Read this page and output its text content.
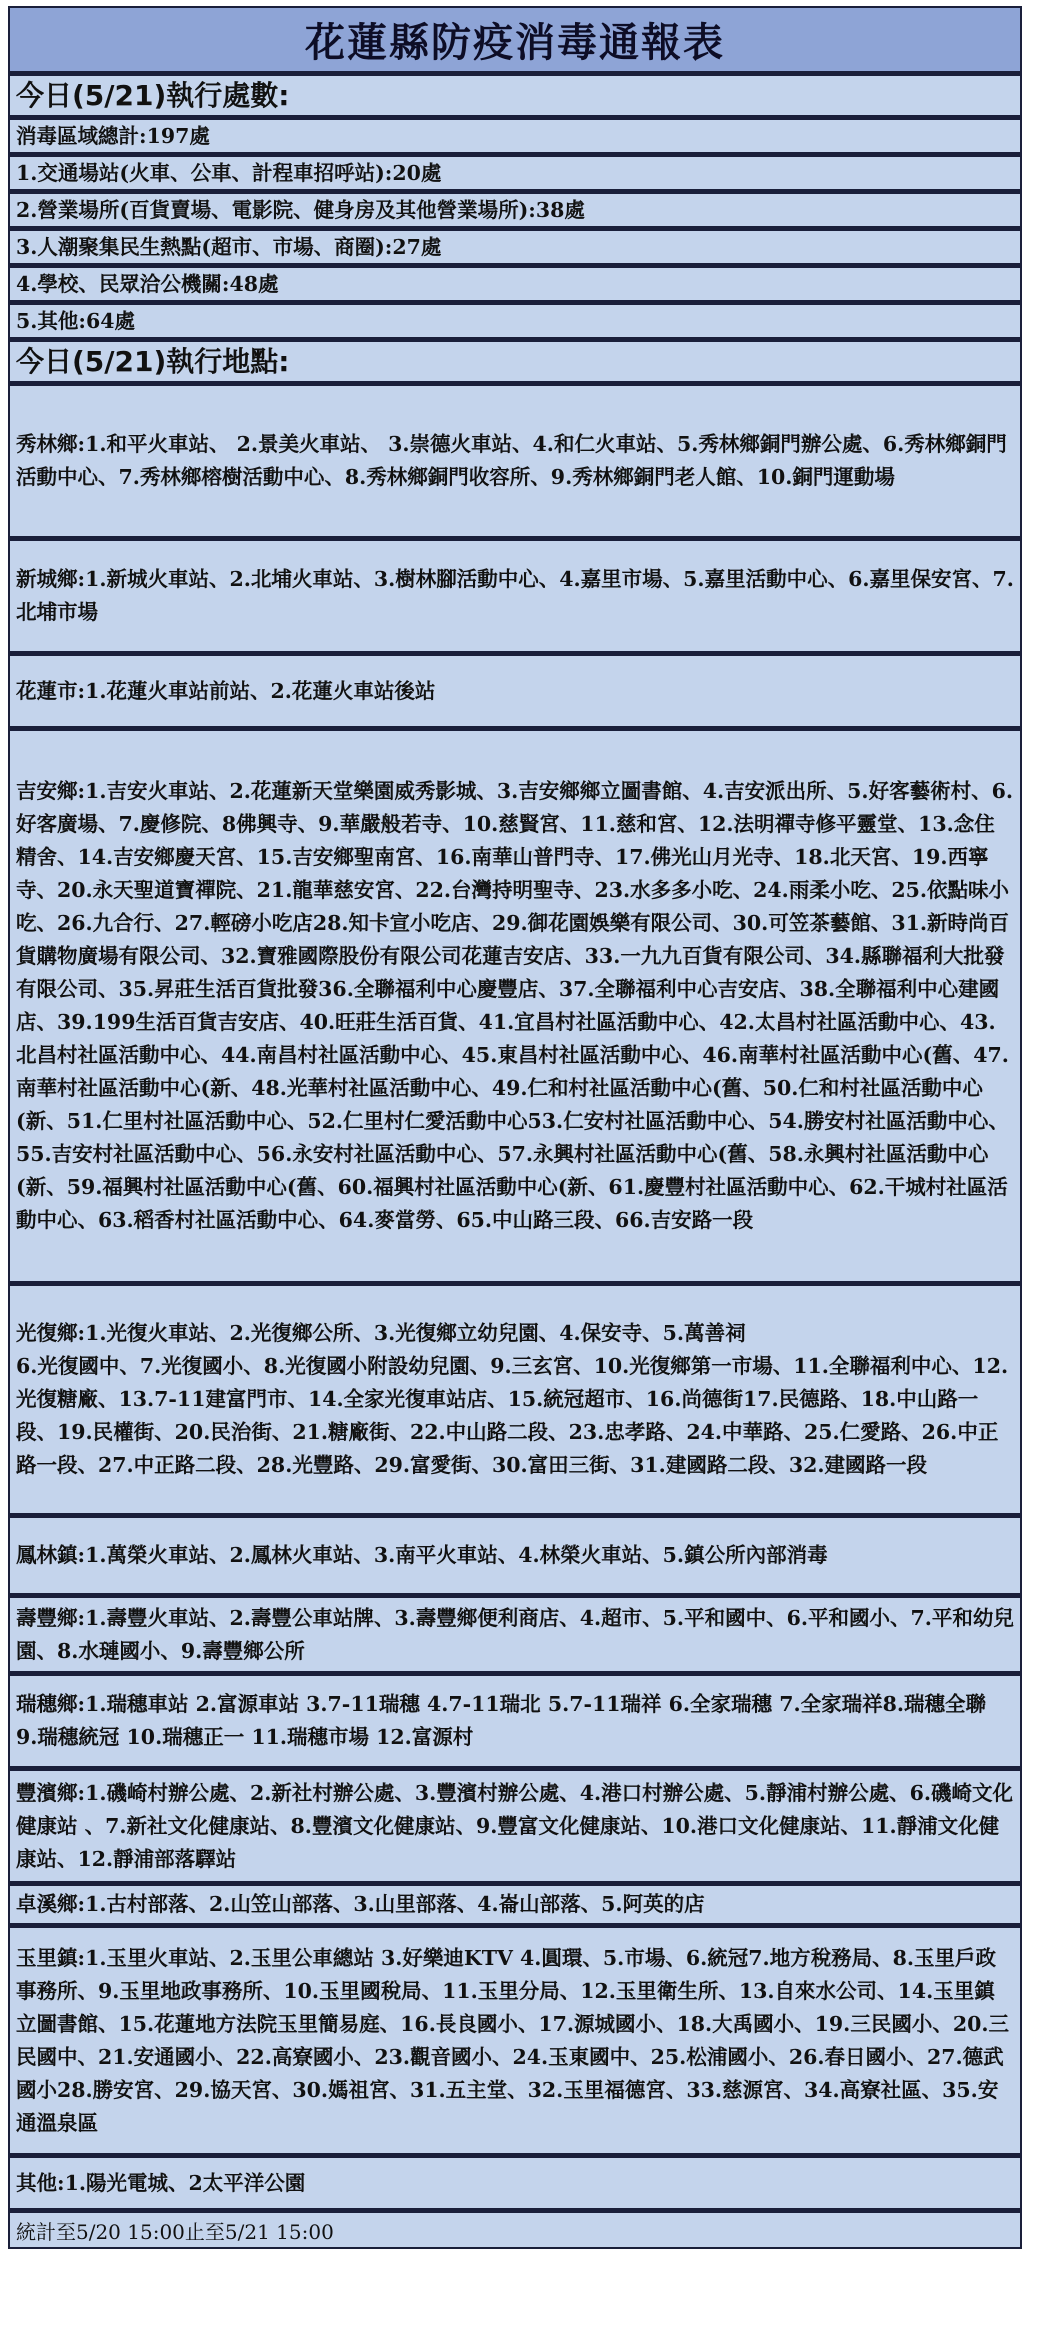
花蓮縣防疫消毒通報表
今日(5/21)執行處數:
消毒區域總計:197處
1.交通場站(火車、公車、計程車招呼站):20處
2.營業場所(百貨賣場、電影院、健身房及其他營業場所):38處
3.人潮聚集民生熱點(超市、市場、商圈):27處
4.學校、民眾洽公機關:48處
5.其他:64處
今日(5/21)執行地點:
秀林鄉:1.和平火車站、 2.景美火車站、 3.崇德火車站、4.和仁火車站、5.秀林鄉銅門辦公處、6.秀林鄉銅門活動中心、7.秀林鄉榕樹活動中心、8.秀林鄉銅門收容所、9.秀林鄉銅門老人館、10.銅門運動場
新城鄉:1.新城火車站、2.北埔火車站、3.樹林腳活動中心、4.嘉里市場、5.嘉里活動中心、6.嘉里保安宮、7.北埔市場
花蓮市:1.花蓮火車站前站、2.花蓮火車站後站
吉安鄉:1.吉安火車站、2.花蓮新天堂樂園威秀影城、3.吉安鄉鄉立圖書館、4.吉安派出所、5.好客藝術村、6.好客廣場、7.慶修院、8佛興寺、9.華嚴般若寺、10.慈賢宮、11.慈和宮、12.法明禪寺修平靈堂、13.念住精舍、14.吉安鄉慶天宮、15.吉安鄉聖南宮、16.南華山普門寺、17.佛光山月光寺、18.北天宮、19.西寧寺、20.永天聖道寶禪院、21.龍華慈安宮、22.台灣持明聖寺、23.水多多小吃、24.雨柔小吃、25.依點味小吃、26.九合行、27.輕磅小吃店28.知卡宣小吃店、29.御花園娛樂有限公司、30.可笠茶藝館、31.新時尚百貨購物廣場有限公司、32.寶雅國際股份有限公司花蓮吉安店、33.一九九百貨有限公司、34.縣聯福利大批發有限公司、35.昇莊生活百貨批發36.全聯福利中心慶豐店、37.全聯福利中心吉安店、38.全聯福利中心建國店、39.199生活百貨吉安店、40.旺莊生活百貨、41.宜昌村社區活動中心、42.太昌村社區活動中心、43.北昌村社區活動中心、44.南昌村社區活動中心、45.東昌村社區活動中心、46.南華村社區活動中心(舊、47.南華村社區活動中心(新、48.光華村社區活動中心、49.仁和村社區活動中心(舊、50.仁和村社區活動中心(新、51.仁里村社區活動中心、52.仁里村仁愛活動中心53.仁安村社區活動中心、54.勝安村社區活動中心、55.吉安村社區活動中心、56.永安村社區活動中心、57.永興村社區活動中心(舊、58.永興村社區活動中心(新、59.福興村社區活動中心(舊、60.福興村社區活動中心(新、61.慶豐村社區活動中心、62.干城村社區活動中心、63.稻香村社區活動中心、64.麥當勞、65.中山路三段、66.吉安路一段
光復鄉:1.光復火車站、2.光復鄉公所、3.光復鄉立幼兒園、4.保安寺、5.萬善祠
6.光復國中、7.光復國小、8.光復國小附設幼兒園、9.三玄宮、10.光復鄉第一市場、11.全聯福利中心、12.光復糖廠、13.7-11建富門市、14.全家光復車站店、15.統冠超市、16.尚德街17.民德路、18.中山路一段、19.民權街、20.民治街、21.糖廠街、22.中山路二段、23.忠孝路、24.中華路、25.仁愛路、26.中正路一段、27.中正路二段、28.光豐路、29.富愛街、30.富田三街、31.建國路二段、32.建國路一段
鳳林鎮:1.萬榮火車站、2.鳳林火車站、3.南平火車站、4.林榮火車站、5.鎮公所內部消毒
壽豐鄉:1.壽豐火車站、2.壽豐公車站牌、3.壽豐鄉便利商店、4.超市、5.平和國中、6.平和國小、7.平和幼兒園、8.水璉國小、9.壽豐鄉公所
瑞穗鄉:1.瑞穗車站 2.富源車站 3.7-11瑞穗 4.7-11瑞北 5.7-11瑞祥 6.全家瑞穗 7.全家瑞祥8.瑞穗全聯 9.瑞穗統冠 10.瑞穗正一 11.瑞穗市場 12.富源村
豐濱鄉:1.磯崎村辦公處、2.新社村辦公處、3.豐濱村辦公處、4.港口村辦公處、5.靜浦村辦公處、6.磯崎文化健康站 、7.新社文化健康站、8.豐濱文化健康站、9.豐富文化健康站、10.港口文化健康站、11.靜浦文化健康站、12.靜浦部落驛站
卓溪鄉:1.古村部落、2.山笠山部落、3.山里部落、4.崙山部落、5.阿英的店
玉里鎮:1.玉里火車站、2.玉里公車總站 3.好樂迪KTV 4.圓環、5.市場、6.統冠7.地方稅務局、8.玉里戶政事務所、9.玉里地政事務所、10.玉里國稅局、11.玉里分局、12.玉里衛生所、13.自來水公司、14.玉里鎮立圖書館、15.花蓮地方法院玉里簡易庭、16.長良國小、17.源城國小、18.大禹國小、19.三民國小、20.三民國中、21.安通國小、22.高寮國小、23.觀音國小、24.玉東國中、25.松浦國小、26.春日國小、27.德武國小28.勝安宮、29.協天宮、30.媽祖宮、31.五主堂、32.玉里福德宮、33.慈源宮、34.高寮社區、35.安通溫泉區
其他:1.陽光電城、2太平洋公園
統計至5/20 15:00止至5/21 15:00
